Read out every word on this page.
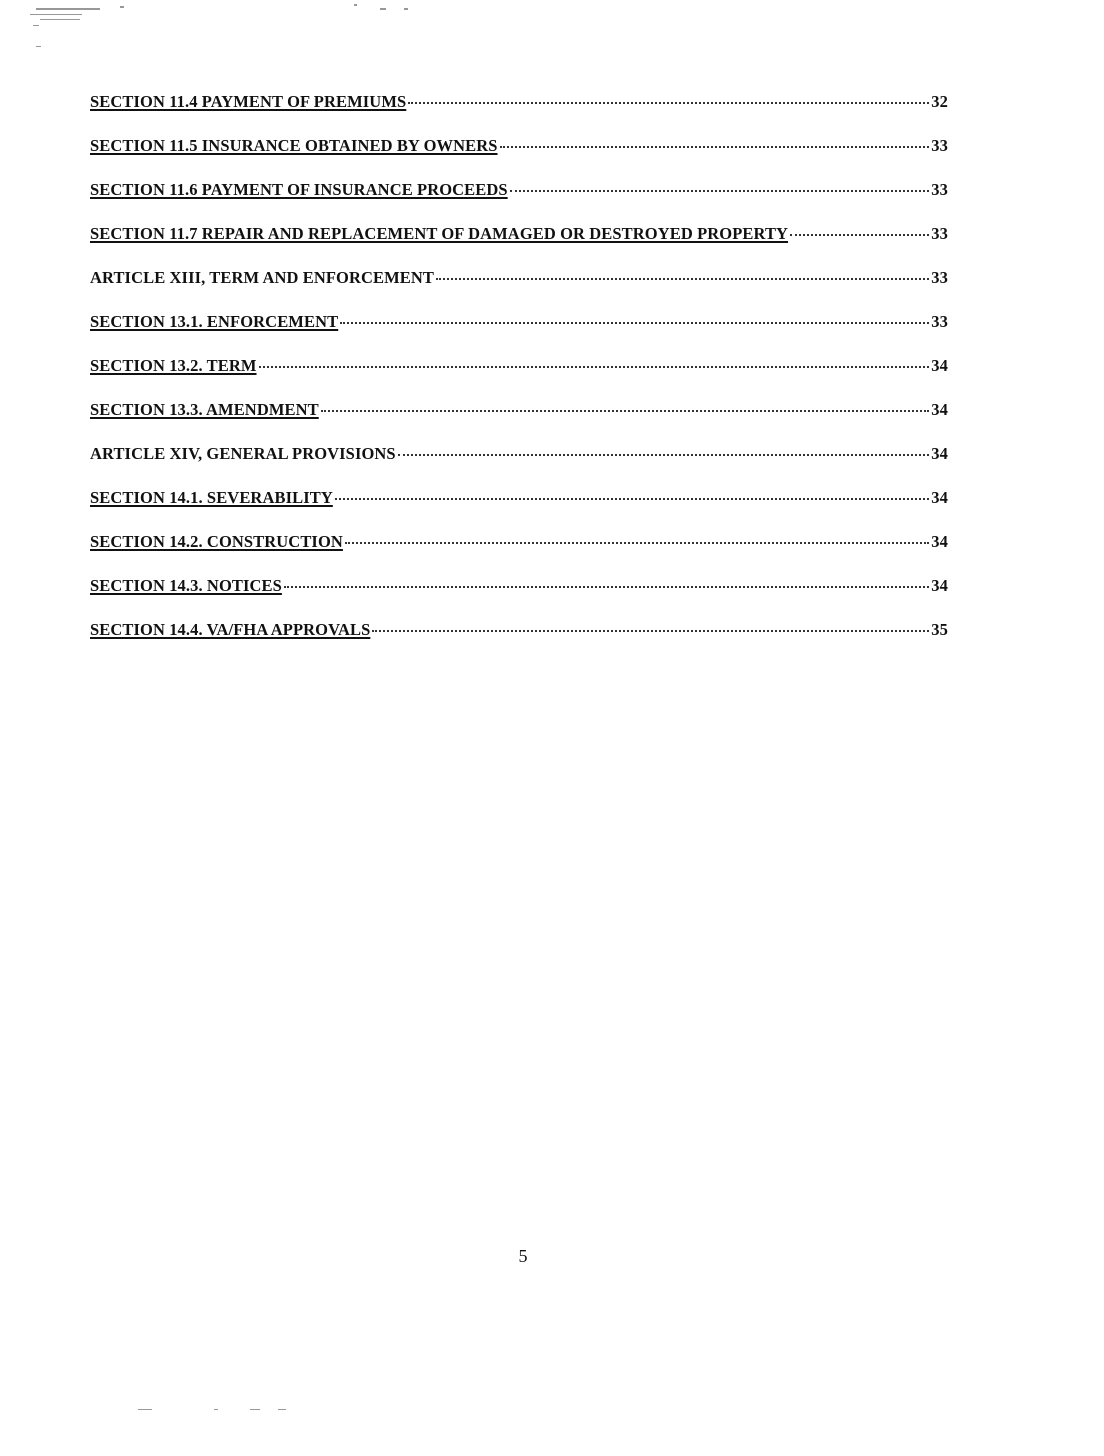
SECTION 11.4 PAYMENT OF PREMIUMS	32
SECTION 11.5 INSURANCE OBTAINED BY OWNERS	33
SECTION 11.6 PAYMENT OF INSURANCE PROCEEDS	33
SECTION 11.7 REPAIR AND REPLACEMENT OF DAMAGED OR DESTROYED PROPERTY	33
ARTICLE XIII, TERM AND ENFORCEMENT	33
SECTION 13.1. ENFORCEMENT	33
SECTION 13.2. TERM	34
SECTION 13.3. AMENDMENT	34
ARTICLE XIV, GENERAL PROVISIONS	34
SECTION 14.1. SEVERABILITY	34
SECTION 14.2. CONSTRUCTION	34
SECTION 14.3. NOTICES	34
SECTION 14.4. VA/FHA APPROVALS	35
5
